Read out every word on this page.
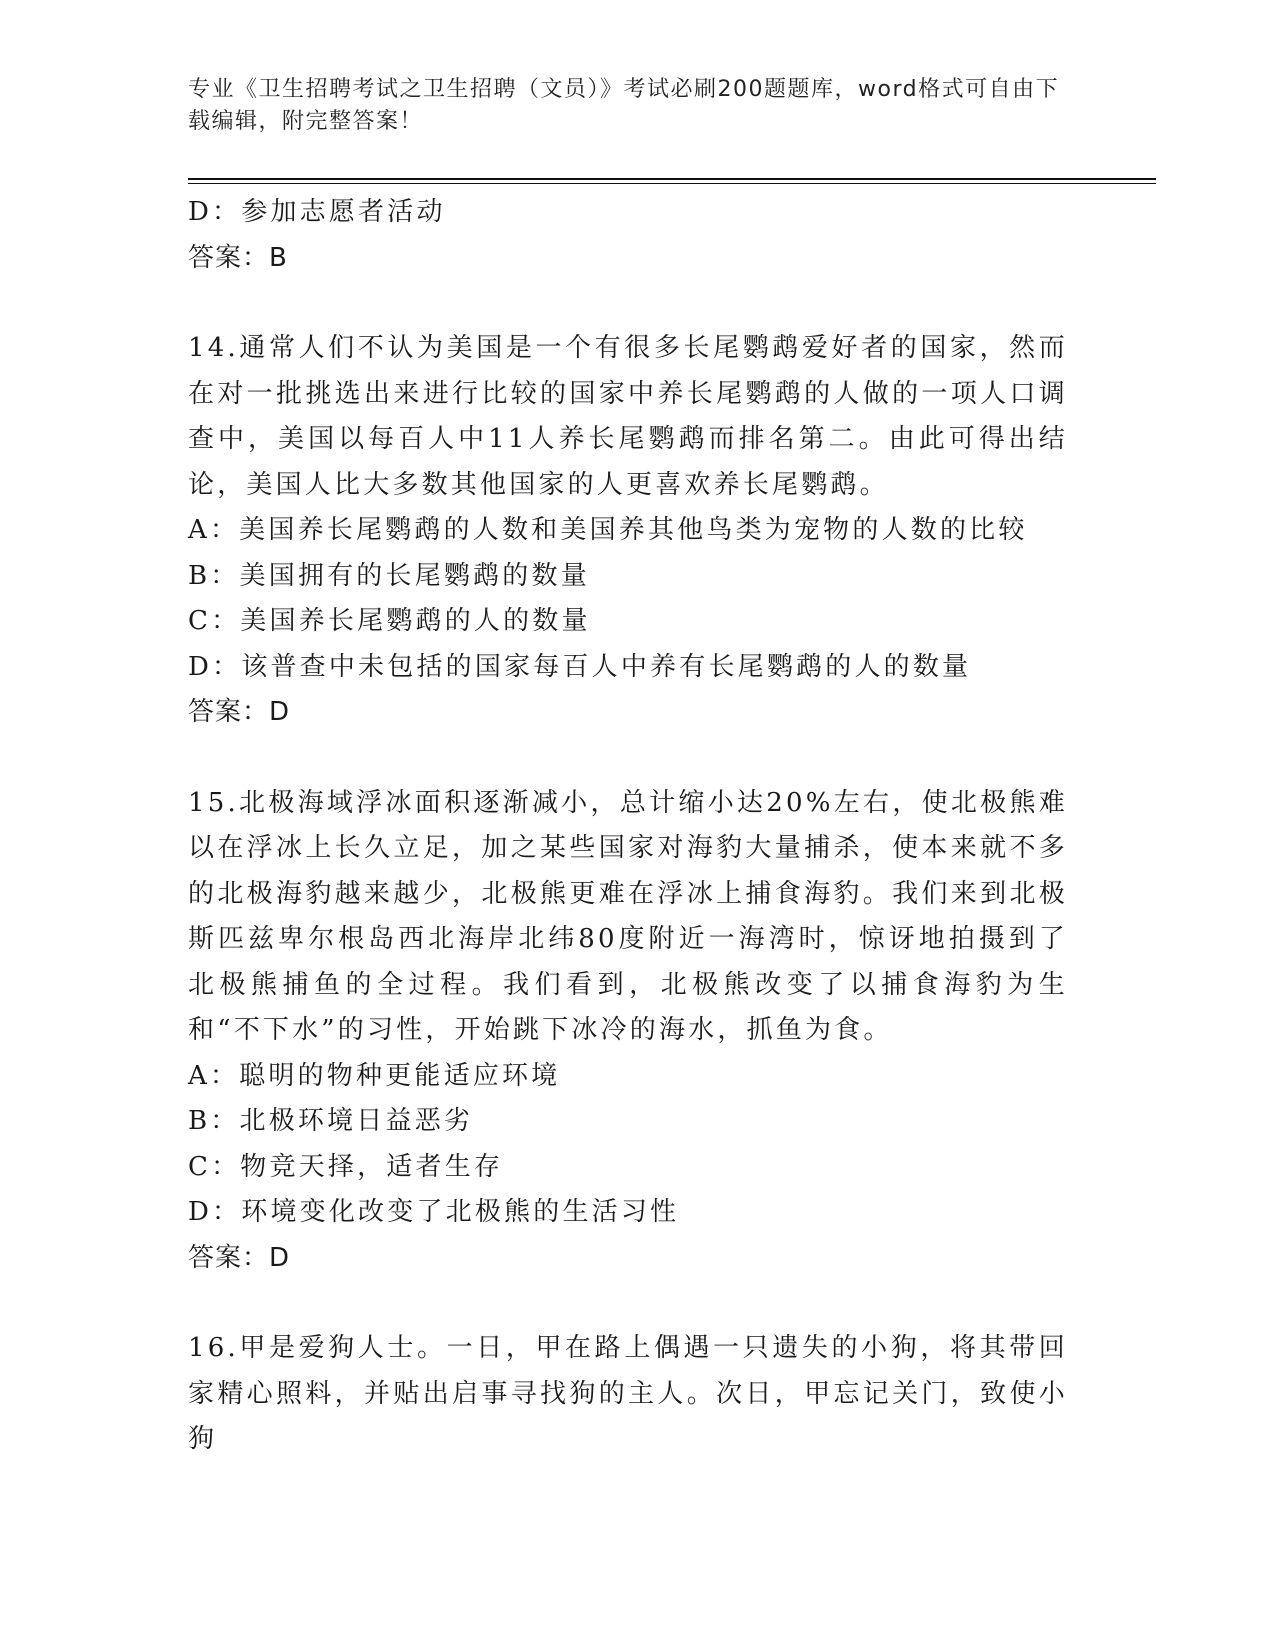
专业《卫生招聘考试之卫生招聘（文员）》考试必刷200题题库，word格式可自由下载编辑，附完整答案！
D：参加志愿者活动
答案：B
14.通常人们不认为美国是一个有很多长尾鹦鹉爱好者的国家，然而在对一批挑选出来进行比较的国家中养长尾鹦鹉的人做的一项人口调查中，美国以每百人中11人养长尾鹦鹉而排名第二。由此可得出结论，美国人比大多数其他国家的人更喜欢养长尾鹦鹉。
A：美国养长尾鹦鹉的人数和美国养其他鸟类为宠物的人数的比较
B：美国拥有的长尾鹦鹉的数量
C：美国养长尾鹦鹉的人的数量
D：该普查中未包括的国家每百人中养有长尾鹦鹉的人的数量
答案：D
15.北极海域浮冰面积逐渐减小，总计缩小达20%左右，使北极熊难以在浮冰上长久立足，加之某些国家对海豹大量捕杀，使本来就不多的北极海豹越来越少，北极熊更难在浮冰上捕食海豹。我们来到北极斯匹兹卑尔根岛西北海岸北纬80度附近一海湾时，惊讶地拍摄到了北极熊捕鱼的全过程。我们看到，北极熊改变了以捕食海豹为生和“不下水”的习性，开始跳下冰冷的海水，抓鱼为食。
A：聪明的物种更能适应环境
B：北极环境日益恶劣
C：物竞天择，适者生存
D：环境变化改变了北极熊的生活习性
答案：D
16.甲是爱狗人士。一日，甲在路上偶遇一只遗失的小狗，将其带回家精心照料，并贴出启事寻找狗的主人。次日，甲忘记关门，致使小狗
